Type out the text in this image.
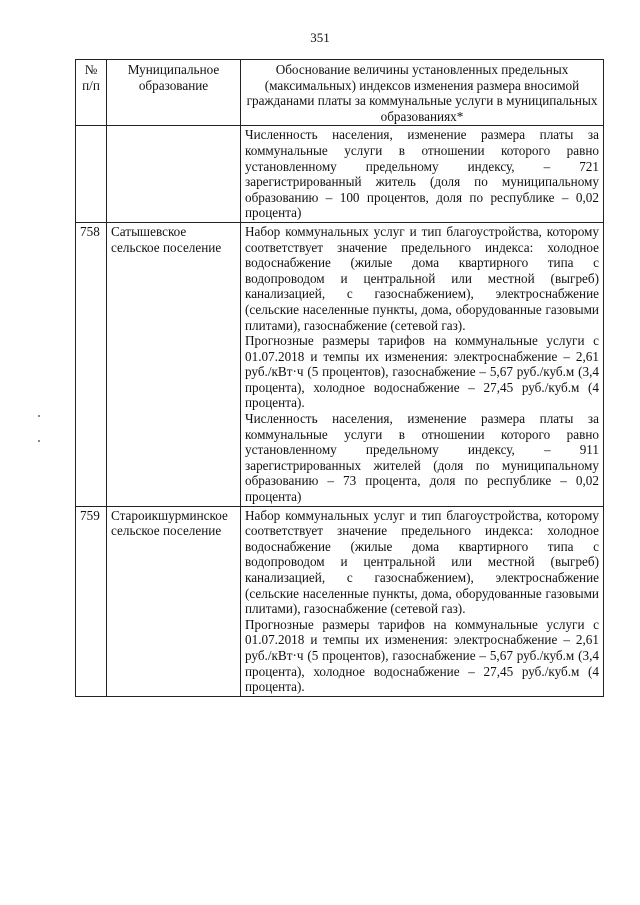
351
№ п/п	Муниципальное образование	Обоснование величины установленных предельных (максимальных) индексов изменения размера вносимой гражданами платы за коммунальные услуги в муниципальных образованиях*

		Численность населения, изменение размера платы за коммунальные услуги в отношении которого равно установленному предельному индексу, – 721 зарегистрированный житель (доля по муниципальному образованию – 100 процентов, доля по республике – 0,02 процента)

758	Сатышевское сельское поселение	Набор коммунальных услуг и тип благоустройства, которому соответствует значение предельного индекса: холодное водоснабжение (жилые дома квартирного типа с водопроводом и центральной или местной (выгреб) канализацией, с газоснабжением), электроснабжение (сельские населенные пункты, дома, оборудованные газовыми плитами), газоснабжение (сетевой газ).

Прогнозные размеры тарифов на коммунальные услуги с 01.07.2018 и темпы их изменения: электроснабжение – 2,61 руб./кВт·ч (5 процентов), газоснабжение – 5,67 руб./куб.м (3,4 процента), холодное водоснабжение – 27,45 руб./куб.м (4 процента).

Численность населения, изменение размера платы за коммунальные услуги в отношении которого равно установленному предельному индексу, – 911 зарегистрированных жителей (доля по муниципальному образованию – 73 процента, доля по республике – 0,02 процента)

759	Староикшурминское сельское поселение	Набор коммунальных услуг и тип благоустройства, которому соответствует значение предельного индекса: холодное водоснабжение (жилые дома квартирного типа с водопроводом и центральной или местной (выгреб) канализацией, с газоснабжением), электроснабжение (сельские населенные пункты, дома, оборудованные газовыми плитами), газоснабжение (сетевой газ).

Прогнозные размеры тарифов на коммунальные услуги с 01.07.2018 и темпы их изменения: электроснабжение – 2,61 руб./кВт·ч (5 процентов), газоснабжение – 5,67 руб./куб.м (3,4 процента), холодное водоснабжение – 27,45 руб./куб.м (4 процента).
